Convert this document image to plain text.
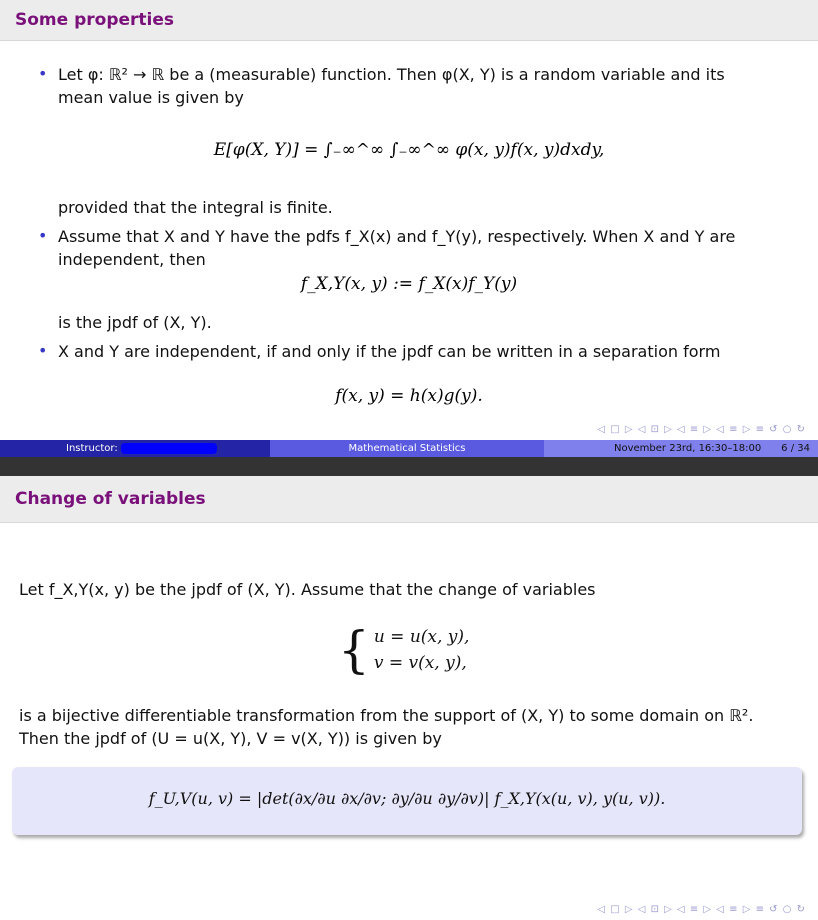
Some properties
• Let φ: ℝ² → ℝ be a (measurable) function. Then φ(X, Y) is a random variable and its
mean value is given by
E[φ(X, Y)] = ∫₋∞^∞ ∫₋∞^∞ φ(x, y)f(x, y)dxdy,
provided that the integral is finite.
• Assume that X and Y have the pdfs f_X(x) and f_Y(y), respectively. When X and Y are
independent, then
f_X,Y(x, y) := f_X(x)f_Y(y)
is the jpdf of (X, Y).
• X and Y are independent, if and only if the jpdf can be written in a separation form
f(x, y) = h(x)g(y).
◁ □ ▷ ◁ ⊡ ▷ ◁ ≡ ▷ ◁ ≡ ▷ ≡ ↺ ○ ↻
Instructor:	Mathematical Statistics	November 23rd, 16:30–18:00 6 / 34
Change of variables
Let f_X,Y(x, y) be the jpdf of (X, Y). Assume that the change of variables
{ u = u(x, y),
v = v(x, y),
is a bijective differentiable transformation from the support of (X, Y) to some domain on ℝ².
Then the jpdf of (U = u(X, Y), V = v(X, Y)) is given by
f_U,V(u, v) = |det(∂x/∂u ∂x/∂v; ∂y/∂u ∂y/∂v)| f_X,Y(x(u, v), y(u, v)).
◁ □ ▷ ◁ ⊡ ▷ ◁ ≡ ▷ ◁ ≡ ▷ ≡ ↺ ○ ↻
